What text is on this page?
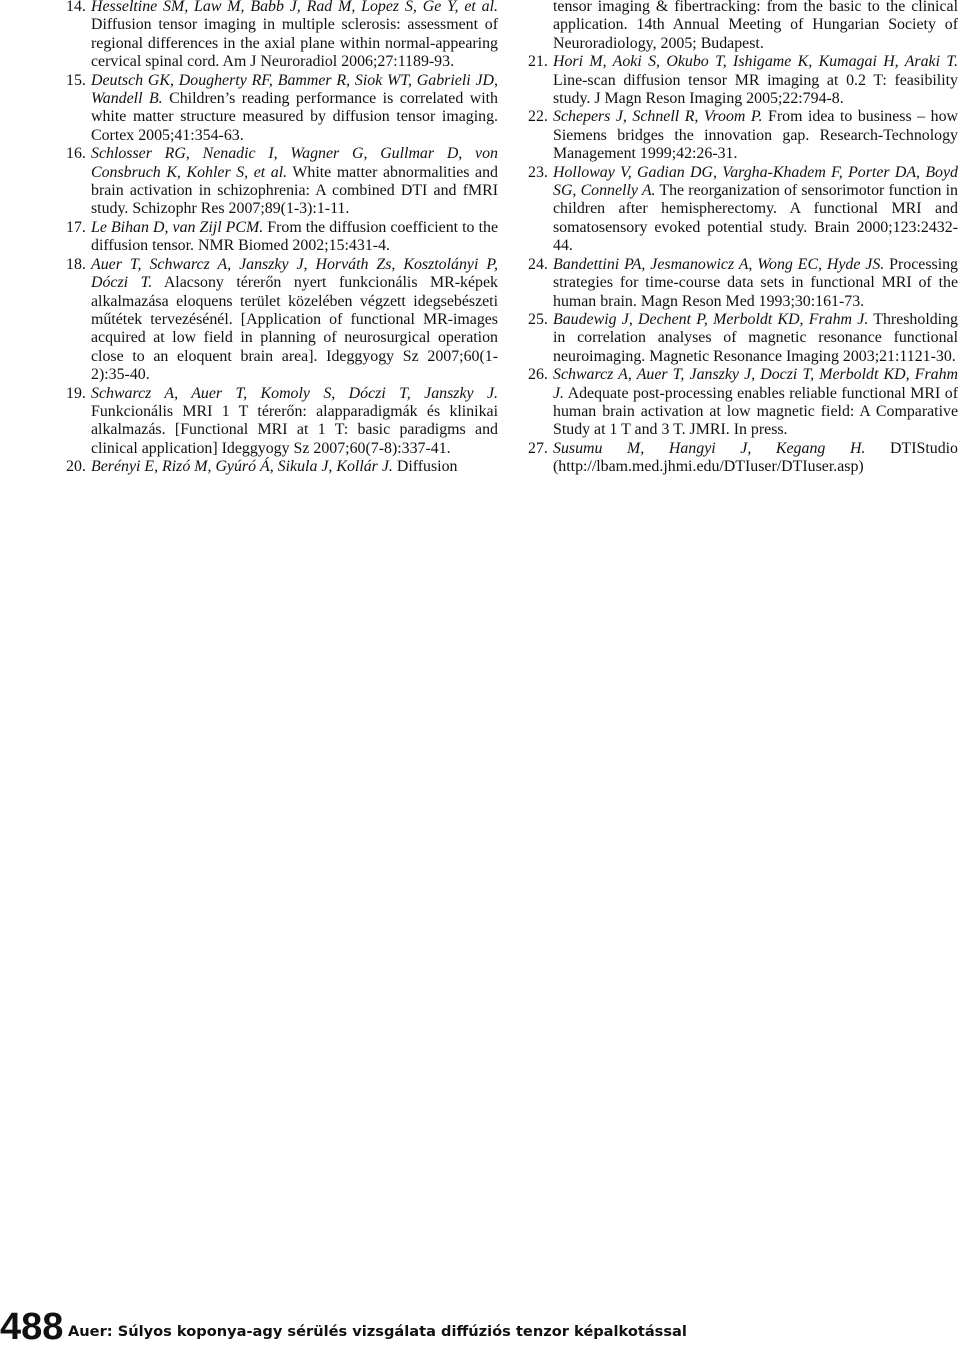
14. Hesseltine SM, Law M, Babb J, Rad M, Lopez S, Ge Y, et al. Diffusion tensor imaging in multiple sclerosis: assessment of regional differences in the axial plane within normal-appearing cervical spinal cord. Am J Neuroradiol 2006;27:1189-93.

15. Deutsch GK, Dougherty RF, Bammer R, Siok WT, Gabrieli JD, Wandell B. Children’s reading performance is correlated with white matter structure measured by diffusion tensor imaging. Cortex 2005;41:354-63.

16. Schlosser RG, Nenadic I, Wagner G, Gullmar D, von Consbruch K, Kohler S, et al. White matter abnormalities and brain activation in schizophrenia: A combined DTI and fMRI study. Schizophr Res 2007;89(1-3):1-11.

17. Le Bihan D, van Zijl PCM. From the diffusion coefficient to the diffusion tensor. NMR Biomed 2002;15:431-4.

18. Auer T, Schwarcz A, Janszky J, Horváth Zs, Kosztolányi P, Dóczi T. Alacsony térerőn nyert funkcionális MR-képek alkalmazása eloquens terület közelében végzett idegsebészeti műtétek tervezésénél. [Application of functional MR-images acquired at low field in planning of neurosurgical operation close to an eloquent brain area]. Ideggyogy Sz 2007;60(1-2):35-40.

19. Schwarcz A, Auer T, Komoly S, Dóczi T, Janszky J. Funkcionális MRI 1 T térerőn: alapparadigmák és klinikai alkalmazás. [Functional MRI at 1 T: basic paradigms and clinical application] Ideggyogy Sz 2007;60(7-8):337-41.

20. Berényi E, Rizó M, Gyúró Á, Sikula J, Kollár J. Diffusion

tensor imaging & fibertracking: from the basic to the clinical application. 14th Annual Meeting of Hungarian Society of Neuroradiology, 2005; Budapest.

21. Hori M, Aoki S, Okubo T, Ishigame K, Kumagai H, Araki T. Line-scan diffusion tensor MR imaging at 0.2 T: feasibility study. J Magn Reson Imaging 2005;22:794-8.

22. Schepers J, Schnell R, Vroom P. From idea to business – how Siemens bridges the innovation gap. Research-Technology Management 1999;42:26-31.

23. Holloway V, Gadian DG, Vargha-Khadem F, Porter DA, Boyd SG, Connelly A. The reorganization of sensorimotor function in children after hemispherectomy. A functional MRI and somatosensory evoked potential study. Brain 2000;123:2432-44.

24. Bandettini PA, Jesmanowicz A, Wong EC, Hyde JS. Processing strategies for time-course data sets in functional MRI of the human brain. Magn Reson Med 1993;30:161-73.

25. Baudewig J, Dechent P, Merboldt KD, Frahm J. Thresholding in correlation analyses of magnetic resonance functional neuroimaging. Magnetic Resonance Imaging 2003;21:1121-30.

26. Schwarcz A, Auer T, Janszky J, Doczi T, Merboldt KD, Frahm J. Adequate post-processing enables reliable functional MRI of human brain activation at low magnetic field: A Comparative Study at 1 T and 3 T. JMRI. In press.

27. Susumu M, Hangyi J, Kegang H. DTIStudio (http://lbam.med.jhmi.edu/DTIuser/DTIuser.asp)

488 Auer: Súlyos koponya-agy sérülés vizsgálata diffúziós tenzor képalkotással
